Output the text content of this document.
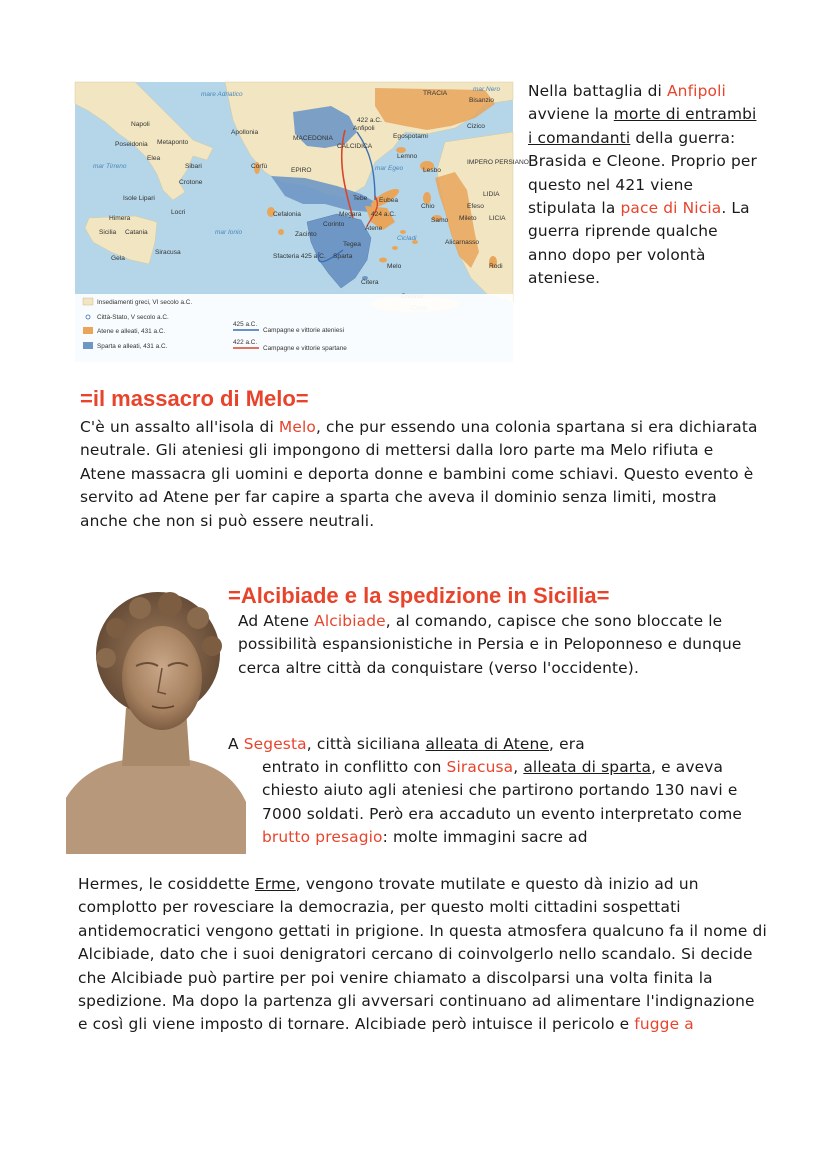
mare Adriatico
mar Tirreno
mar Ionio
mar Egeo
mar Nero
Napoli
Metaponto
Poseidonia
Elea
Sibari
Crotone
Isole Lipari
Himera
Locri
Sicilia Catania
Siracusa
Gela
Apollonia
Corfù
MACEDONIA
Anfipoli
CALCIDICA
Egospotami
Cizico
TRACIA
Bisanzio
EPIRO
Lemno
Lesbo
IMPERO PERSIANO
LIDIA
Tebe Eubea
Chio
Samo
Efeso
Mileto LICIA
Cefalonia	Megara
Atene
Corinto
Zacinto
Cicladi
Tegea
Sparta
Melo
Alicarnasso
Rodi
Sfacteria 425 a.C.
Citera
422 a.C.
424 a.C.
Insediamenti greci, VI secolo a.C.
Città-Stato, V secolo a.C.
Atene e alleati, 431 a.C.
Sparta e alleati, 431 a.C.
425 a.C.
Campagne e vittorie ateniesi
422 a.C.
Campagne e vittorie spartane
Nella battaglia di Anfipoli avviene la morte di entrambi i comandanti della guerra: Brasida e Cleone. Proprio per questo nel 421 viene stipulata la pace di Nicia. La guerra riprende qualche anno dopo per volontà ateniese.
=il massacro di Melo=
C'è un assalto all'isola di Melo, che pur essendo una colonia spartana si era dichiarata neutrale. Gli ateniesi gli impongono di mettersi dalla loro parte ma Melo rifiuta e Atene massacra gli uomini e deporta donne e bambini come schiavi. Questo evento è servito ad Atene per far capire a sparta che aveva il dominio senza limiti, mostra anche che non si può essere neutrali.
=Alcibiade e la spedizione in Sicilia=
Ad Atene Alcibiade, al comando, capisce che sono bloccate le possibilità espansionistiche in Persia e in Peloponneso e dunque cerca altre città da conquistare (verso l'occidente).
A Segesta, città siciliana alleata di Atene, era
entrato in conflitto con Siracusa, alleata di sparta, e aveva chiesto aiuto agli ateniesi che partirono portando 130 navi e 7000 soldati. Però era accaduto un evento interpretato come brutto presagio: molte immagini sacre ad
Hermes, le cosiddette Erme, vengono trovate mutilate e questo dà inizio ad un complotto per rovesciare la democrazia, per questo molti cittadini sospettati antidemocratici vengono gettati in prigione. In questa atmosfera qualcuno fa il nome di Alcibiade, dato che i suoi denigratori cercano di coinvolgerlo nello scandalo. Si decide che Alcibiade può partire per poi venire chiamato a discolparsi una volta finita la spedizione. Ma dopo la partenza gli avversari continuano ad alimentare l'indignazione e così gli viene imposto di tornare. Alcibiade però intuisce il pericolo e fugge a
